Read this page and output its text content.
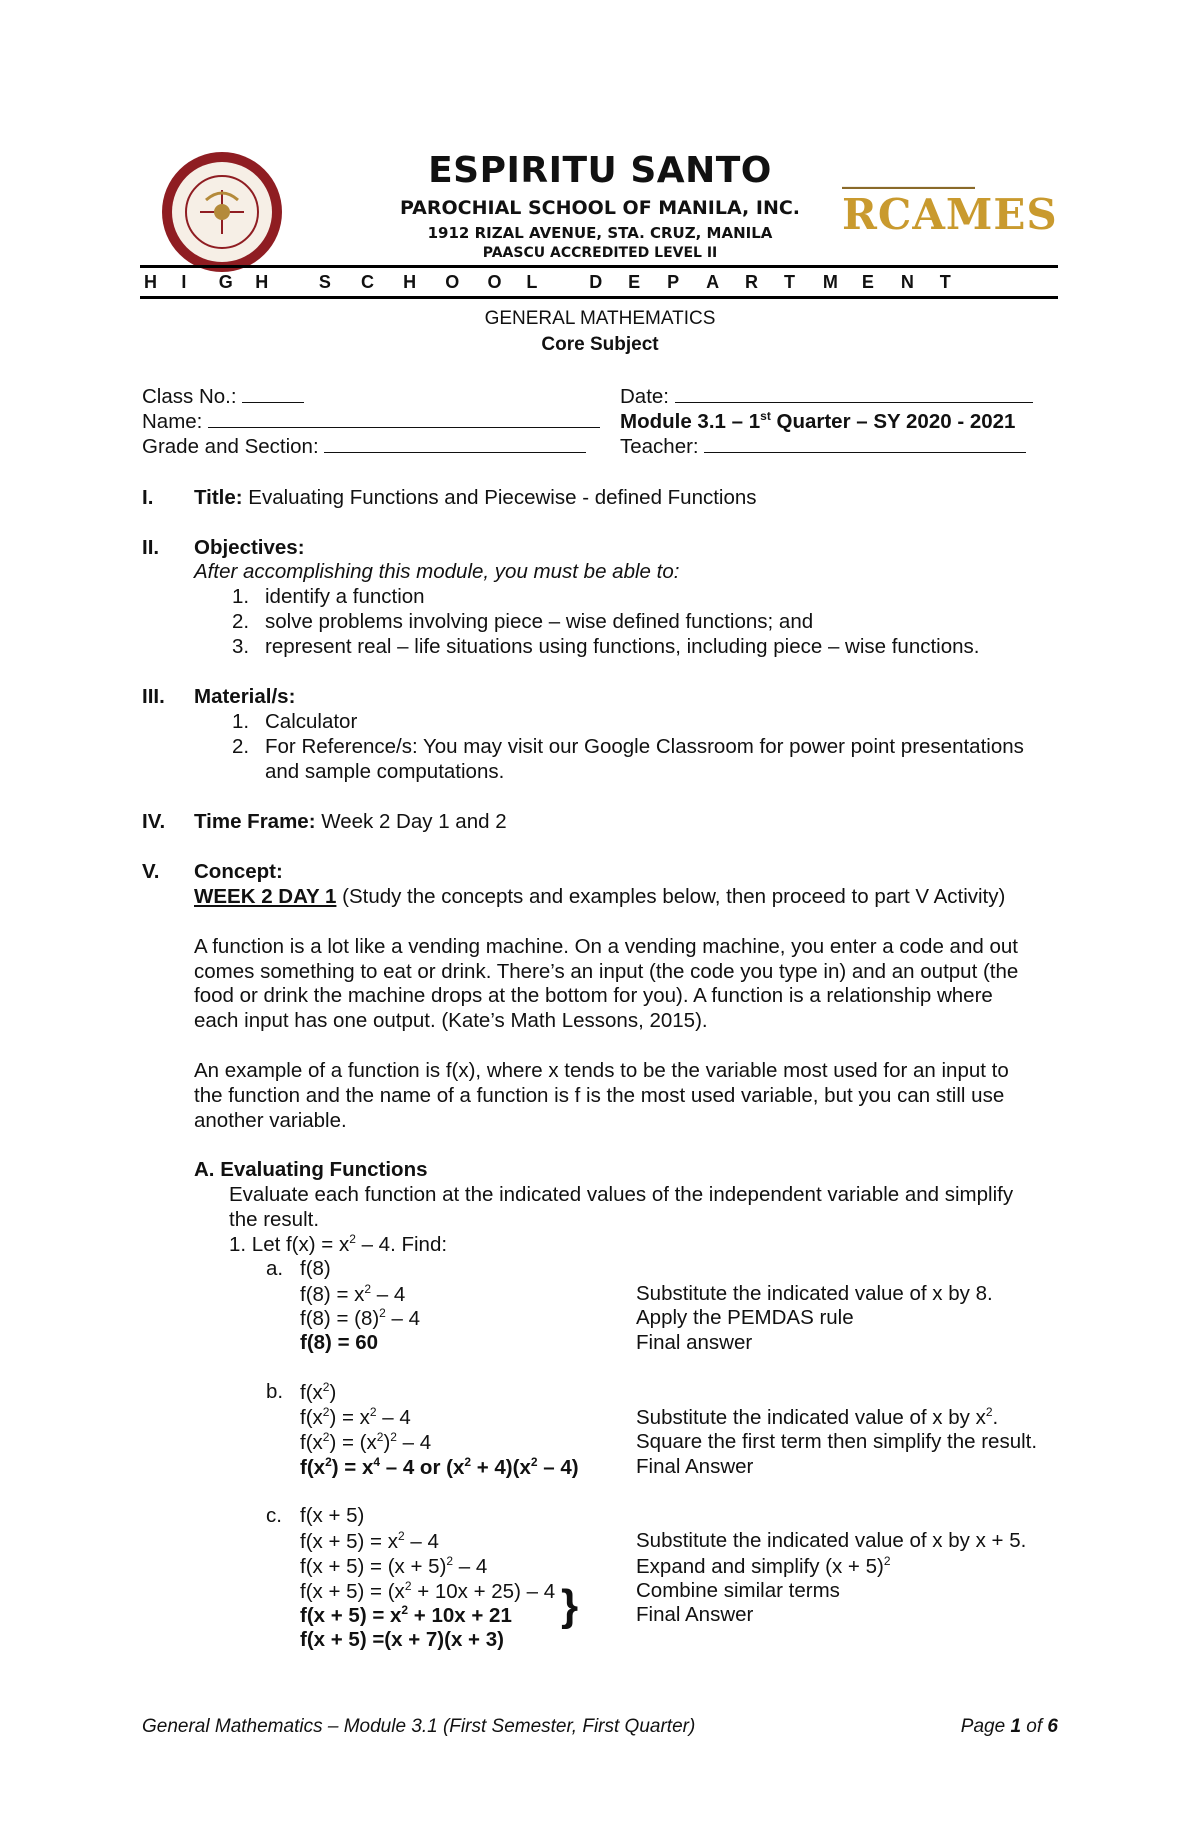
ESPIRITU SANTO
PAROCHIAL SCHOOL OF MANILA, INC.
1912 RIZAL AVENUE, STA. CRUZ, MANILA
PAASCU ACCREDITED LEVEL II
▬▬▬▬▬▬▬▬▬▬▬▬▬▬▬▬▬▬▬
RCAMES
H I G H	S C H O O L	D E P A R T M E N T
GENERAL MATHEMATICS
Core Subject
Class No.:
Name:
Grade and Section:
Date:
Module 3.1 – 1st Quarter – SY 2020 - 2021
Teacher:
I. Title: Evaluating Functions and Piecewise - defined Functions
II. Objectives:
After accomplishing this module, you must be able to:
1. identify a function
2. solve problems involving piece – wise defined functions; and
3. represent real – life situations using functions, including piece – wise functions.
III. Material/s:
1. Calculator
2. For Reference/s: You may visit our Google Classroom for power point presentations
and sample computations.
IV. Time Frame: Week 2 Day 1 and 2
V. Concept:
WEEK 2 DAY 1 (Study the concepts and examples below, then proceed to part V Activity)
A function is a lot like a vending machine. On a vending machine, you enter a code and out
comes something to eat or drink. There’s an input (the code you type in) and an output (the
food or drink the machine drops at the bottom for you). A function is a relationship where
each input has one output. (Kate’s Math Lessons, 2015).
An example of a function is f(x), where x tends to be the variable most used for an input to
the function and the name of a function is f is the most used variable, but you can still use
another variable.
A. Evaluating Functions
Evaluate each function at the indicated values of the independent variable and simplify
the result.
1. Let $f(x) = x^2 - 4$. Find:
a. f(8)
$f(8) = x^2 - 4$	Substitute the indicated value of x by 8.
$f(8) = (8)^2 - 4$	Apply the PEMDAS rule
f(8) = 60	Final answer
b. $f(x^2)$
$f(x^2) = x^2 - 4$	Substitute the indicated value of x by $x^2$.
$f(x^2) = (x^2)^2 - 4$	Square the first term then simplify the result.
$f(x^2) = x^4 - 4$ or $(x^2 + 4)(x^2 - 4)$	Final Answer
c. f(x + 5)
$f(x + 5) = x^2 - 4$	Substitute the indicated value of x by x + 5.
$f(x + 5) = (x + 5)^2 - 4$	Expand and simplify $(x + 5)^2$
$f(x + 5) = (x^2 + 10x + 25) - 4$	Combine similar terms
$f(x + 5) = x^2 + 10x + 21$	Final Answer
f(x + 5) =(x + 7)(x + 3)
}
General Mathematics – Module 3.1 (First Semester, First Quarter)	Page 1 of 6
